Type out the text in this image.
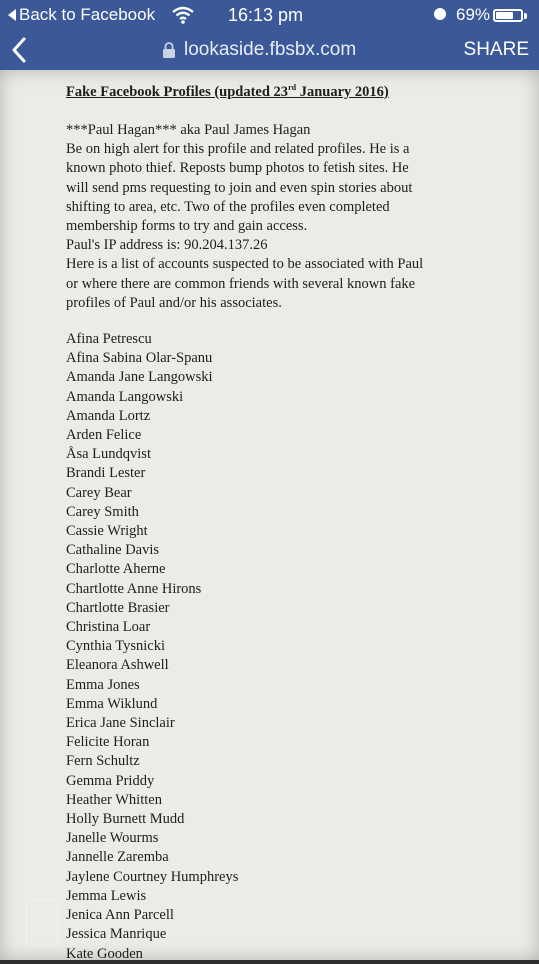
Back to Facebook	16:13 pm	69%
lookaside.fbsbx.com	SHARE
Fake Facebook Profiles (updated 23rd January 2016)

***Paul Hagan*** aka Paul James Hagan

Be on high alert for this profile and related profiles. He is a

known photo thief. Reposts bump photos to fetish sites. He

will send pms requesting to join and even spin stories about

shifting to area, etc. Two of the profiles even completed

membership forms to try and gain access.

Paul's IP address is: 90.204.137.26

Here is a list of accounts suspected to be associated with Paul

or where there are common friends with several known fake

profiles of Paul and/or his associates.

Afina Petrescu
Afina Sabina Olar-Spanu
Amanda Jane Langowski
Amanda Langowski
Amanda Lortz
Arden Felice
Åsa Lundqvist
Brandi Lester
Carey Bear
Carey Smith
Cassie Wright
Cathaline Davis
Charlotte Aherne
Chartlotte Anne Hirons
Chartlotte Brasier
Christina Loar
Cynthia Tysnicki
Eleanora Ashwell
Emma Jones
Emma Wiklund
Erica Jane Sinclair
Felicite Horan
Fern Schultz
Gemma Priddy
Heather Whitten
Holly Burnett Mudd
Janelle Wourms
Jannelle Zaremba
Jaylene Courtney Humphreys
Jemma Lewis
Jenica Ann Parcell
Jessica Manrique
Kate Gooden
